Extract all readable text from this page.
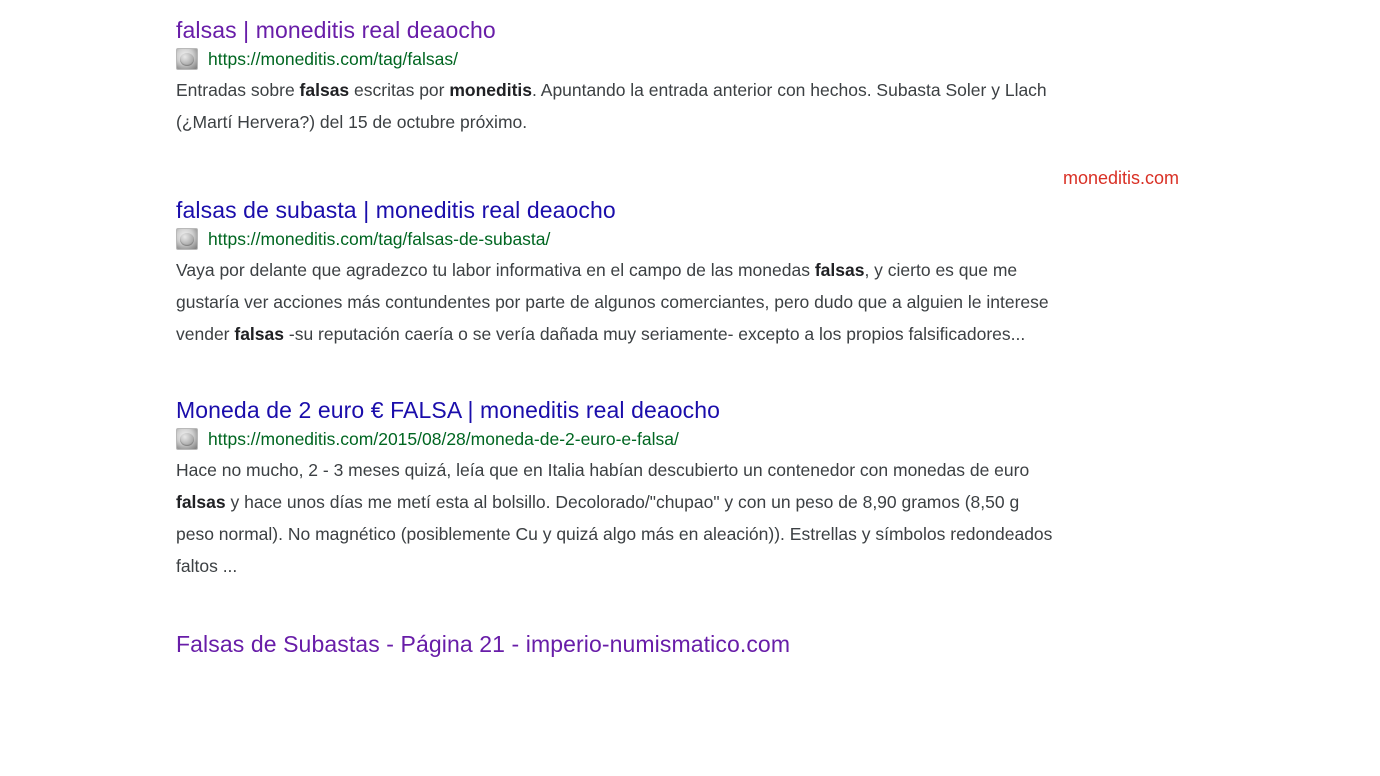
falsas | moneditis real deaocho
https://moneditis.com/tag/falsas/
Entradas sobre falsas escritas por moneditis. Apuntando la entrada anterior con hechos. Subasta Soler y Llach (¿Martí Hervera?) del 15 de octubre próximo.
falsas de subasta | moneditis real deaocho
https://moneditis.com/tag/falsas-de-subasta/
Vaya por delante que agradezco tu labor informativa en el campo de las monedas falsas, y cierto es que me gustaría ver acciones más contundentes por parte de algunos comerciantes, pero dudo que a alguien le interese vender falsas -su reputación caería o se vería dañada muy seriamente- excepto a los propios falsificadores...
Moneda de 2 euro € FALSA | moneditis real deaocho
https://moneditis.com/2015/08/28/moneda-de-2-euro-e-falsa/
Hace no mucho, 2 - 3 meses quizá, leía que en Italia habían descubierto un contenedor con monedas de euro falsas y hace unos días me metí esta al bolsillo. Decolorado/"chupao" y con un peso de 8,90 gramos (8,50 g peso normal). No magnético (posiblemente Cu y quizá algo más en aleación)). Estrellas y símbolos redondeados faltos ...
Falsas de Subastas - Página 21 - imperio-numismatico.com
moneditis.com
